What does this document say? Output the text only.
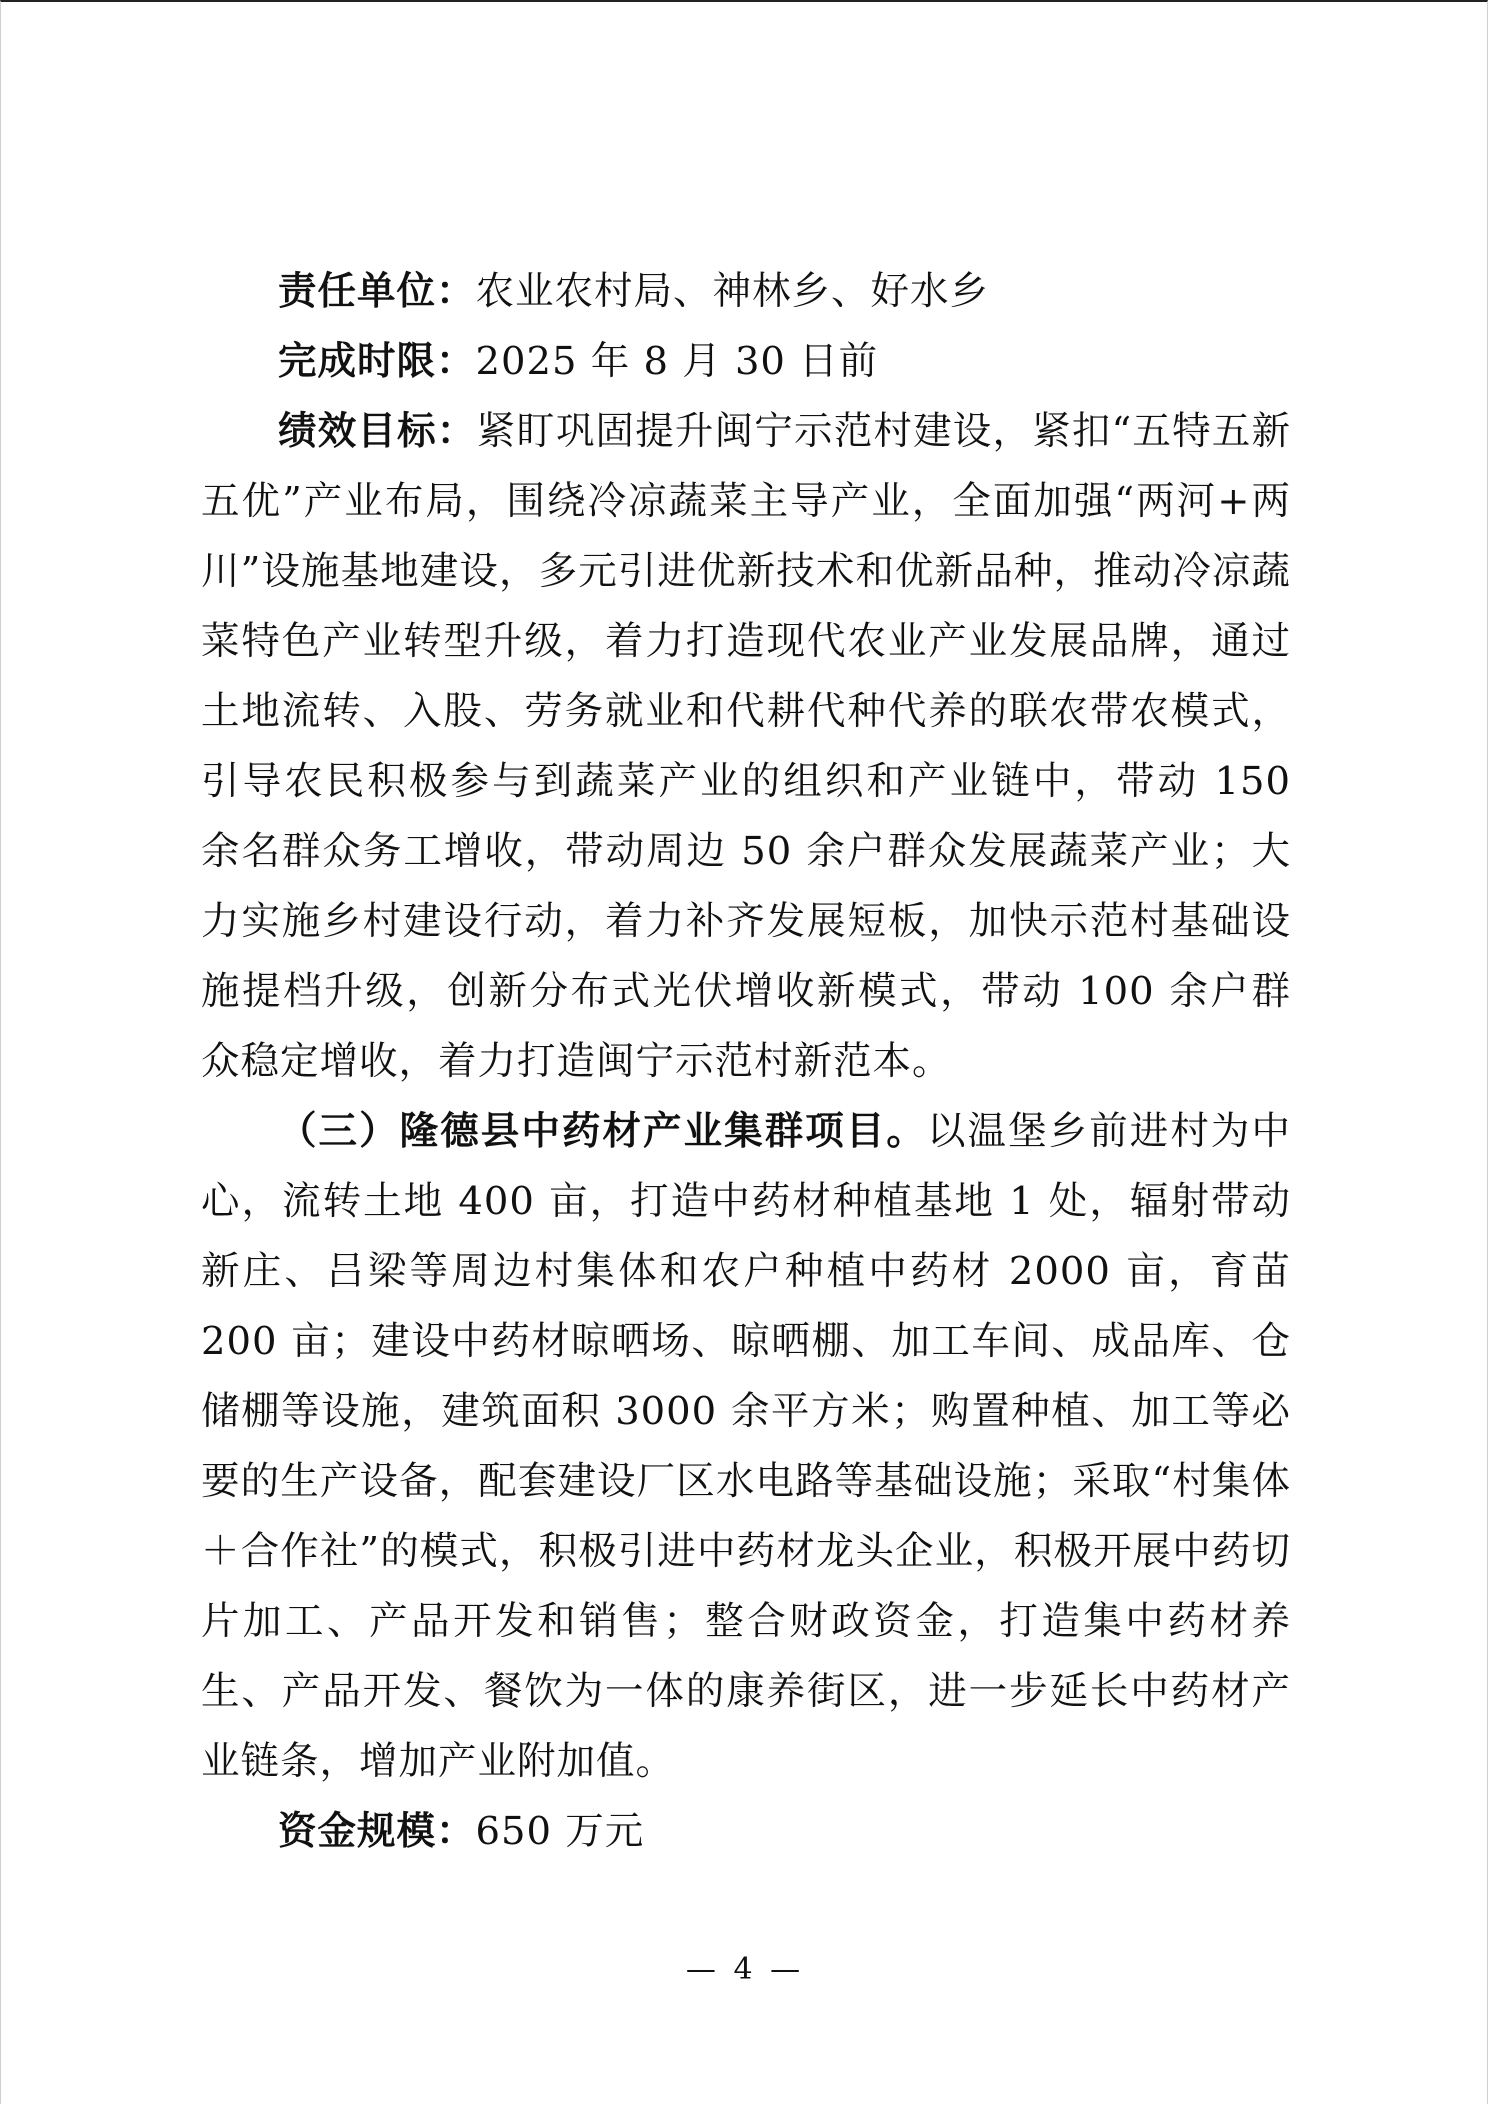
责任单位：农业农村局、神林乡、好水乡

完成时限：2025 年 8 月 30 日前

绩效目标：紧盯巩固提升闽宁示范村建设，紧扣“五特五新五优”产业布局，围绕冷凉蔬菜主导产业，全面加强“两河+两川”设施基地建设，多元引进优新技术和优新品种，推动冷凉蔬菜特色产业转型升级，着力打造现代农业产业发展品牌，通过土地流转、入股、劳务就业和代耕代种代养的联农带农模式，引导农民积极参与到蔬菜产业的组织和产业链中，带动 150 余名群众务工增收，带动周边 50 余户群众发展蔬菜产业；大力实施乡村建设行动，着力补齐发展短板，加快示范村基础设施提档升级，创新分布式光伏增收新模式，带动 100 余户群众稳定增收，着力打造闽宁示范村新范本。

（三）隆德县中药材产业集群项目。以温堡乡前进村为中心，流转土地 400 亩，打造中药材种植基地 1 处，辐射带动新庄、吕梁等周边村集体和农户种植中药材 2000 亩，育苗 200 亩；建设中药材晾晒场、晾晒棚、加工车间、成品库、仓储棚等设施，建筑面积 3000 余平方米；购置种植、加工等必要的生产设备，配套建设厂区水电路等基础设施；采取“村集体＋合作社”的模式，积极引进中药材龙头企业，积极开展中药切片加工、产品开发和销售；整合财政资金，打造集中药材养生、产品开发、餐饮为一体的康养街区，进一步延长中药材产业链条，增加产业附加值。

资金规模：650 万元

— 4 —
